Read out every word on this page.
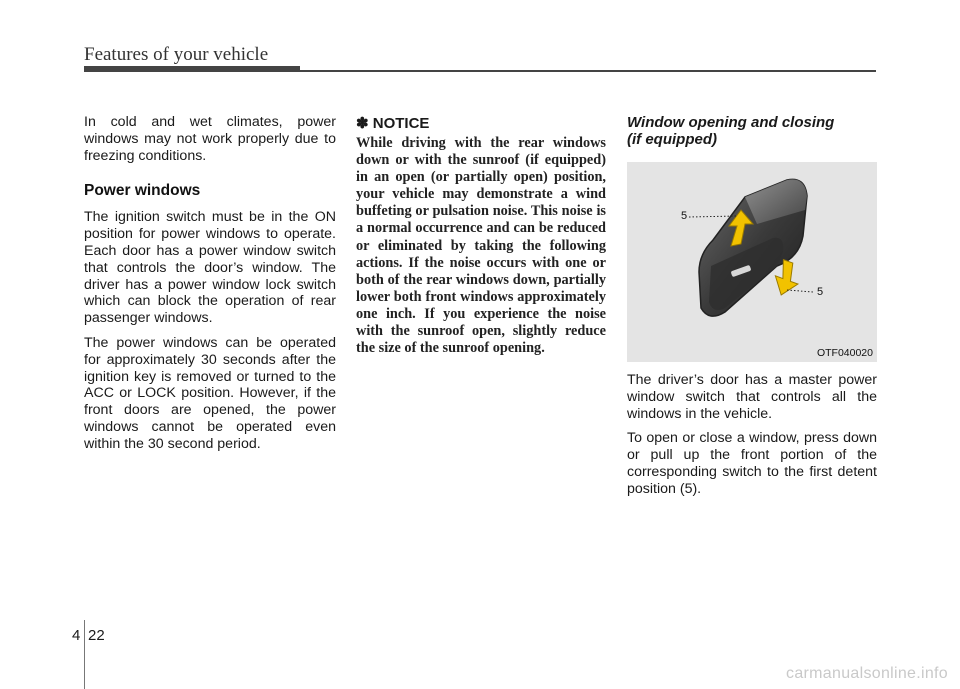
Features of your vehicle

In cold and wet climates, power windows may not work properly due to freezing conditions.

Power windows

The ignition switch must be in the ON position for power windows to operate. Each door has a power window switch that controls the door’s window. The driver has a power window lock switch which can block the operation of rear passenger windows.

The power windows can be operated for approximately 30 seconds after the ignition key is removed or turned to the ACC or LOCK position. However, if the front doors are opened, the power windows cannot be operated even within the 30 second period.

✽ NOTICE

While driving with the rear windows down or with the sunroof (if equipped) in an open (or partially open) position, your vehicle may demonstrate a wind buffeting or pulsation noise. This noise is a normal occurrence and can be reduced or eliminated by taking the following actions. If the noise occurs with one or both of the rear windows down, partially lower both front windows approximately one inch. If you experience the noise with the sunroof open, slightly reduce the size of the sunroof opening.

Window opening and closing
(if equipped)
5
5
OTF040020

The driver’s door has a master power window switch that controls all the windows in the vehicle.

To open or close a window, press down or pull up the front portion of the corresponding switch to the first detent position (5).

4 22
carmanualsonline.info
